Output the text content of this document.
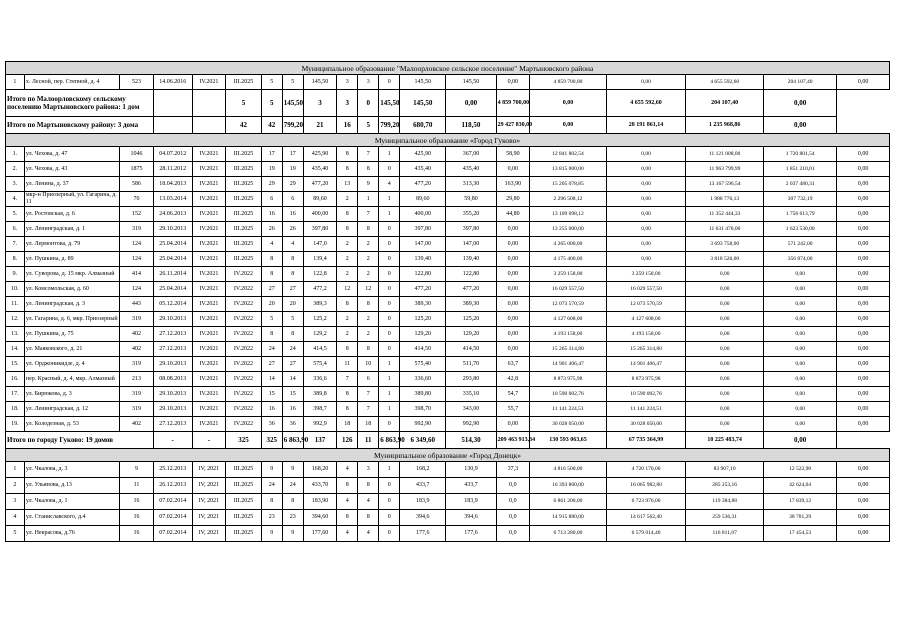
Муниципальное образование "Малоорловское сельское поселение" Мартыновского района​																			
1	х. Лесной, пер. Степной, д. 4	523	14.06.2016	IV.2021	III.2025	5	5	145,50	3	3	0	145,50	145,50	0,00	4 859 700,00	0,00	4 655 592,60	204 107,40	0,00
Итого по Малоорловскому сельскому поселению Мартыновского района: 1 дом					5	5	145,50	3	3	0	145,50	145,50	0,00	4 859 700,00	0,00	4 655 592,60	204 107,40	0,00	
Итого по Мартыновскому району: 3 дома					42	42	799,20	21	16	5	799,20	680,70	118,50	29 427 830,00	0,00	28 191 861,14	1 235 968,86	0,00	
Муниципальное образование «Город Гуково»																			
1.	ул. Чехова, д. 47	1046	04.07.2012	IV.2021	III.2025	17	17	425,90	8	7	1	425,90	367,00	58,90	12 841 802,54	0,00	11 121 008,00	1 720 801,54	0,00
2.	ул. Чехова, д. 43	1875	28.11.2012	IV.2021	III.2025	19	19	435,40	8	8	0	435,40	435,40	0,00	13 815 000,00	0,00	11 963 799,99	1 851 210,01	0,00
3.	ул. Ленина, д. 37	586	18.04.2013	IV.2021	III.2025	29	29	477,20	13	9	4	477,20	313,30	163,90	15 205 078,85	0,00	13 167 596,54	2 037 480,31	0,00
4.	мкр-н Приозерный, ул. Гагарина, д. 11	70	13.03.2014	IV.2021	III.2025	6	6	89,60	2	1	1	89,60	59,80	29,80	2 296 508,12	0,00	1 988 776,13	307 732,19	0,00
5.	ул. Ростовская, д. 6	152	24.06.2013	IV.2021	III.2025	16	16	400,00	8	7	1	400,00	355,20	44,80	13 109 098,12	0,00	11 352 444,33	1 756 613,79	0,00
6.	ул. Ленинградская, д. 1	319	29.10.2013	IV.2021	III.2025	26	26	397,80	8	8	0	397,80	397,80	0,00	13 255 000,00	0,00	11 631 470,00	1 623 530,00	0,00
7.	ул. Лермонтова, д. 79	124	25.04.2014	IV.2021	III.2025	4	4	147,0	2	2	0	147,00	147,00	0,00	4 265 000,00	0,00	3 693 758,00	571 242,00	0,00
8.	ул. Пушкина, д. 89	124	25.04.2014	IV.2021	III.2025	8	8	139,4	2	2	0	139,40	139,40	0,00	4 175 400,00	0,00	3 818 526,00	356 874,00	0,00
9.	ул. Суворова, д. 15 мкр. Алмазный	414	26.11.2014	IV.2021	IV.2022	8	8	122,8	2	2	0	122,80	122,80	0,00	3 259 158,00	3 259 158,00	0,00	0,00	0,00
10.	ул. Комсомольская, д. 60	124	25.04.2014	IV.2021	IV.2022	27	27	477,2	12	12	0	477,20	477,20	0,00	16 029 557,50	16 029 557,50	0,00	0,00	0,00
11.	ул. Ленинградская, д. 3	443	05.12.2014	IV.2021	IV.2022	20	20	389,3	8	8	0	389,30	389,30	0,00	12 073 570,59	12 073 570,59	0,00	0,00	0,00
12.	ул. Гагарина, д. 6, мкр. Приозерный	319	29.10.2013	IV.2021	IV.2022	5	5	125,2	2	2	0	125,20	125,20	0,00	4 127 608,00	4 127 608,00	0,00	0,00	0,00
13.	ул. Пушкина, д. 75	402	27.12.2013	IV.2021	IV.2022	8	8	129,2	2	2	0	129,20	129,20	0,00	4 193 158,00	4 193 158,00	0,00	0,00	0,00
14.	ул. Маяковского, д. 21	402	27.12.2013	IV.2021	IV.2022	24	24	414,5	8	8	0	414,50	414,50	0,00	15 265 314,80	15 265 314,80	0,00	0,00	0,00
15.	ул. Орджоникидзе, д. 4	319	29.10.2013	IV.2021	IV.2022	27	27	575,4	11	10	1	575,40	511,70	63,7	14 901 406,47	14 901 406,47	0,00	0,00	0,00
16.	пер. Красный, д. 4, мкр. Алмазный	213	08.08.2013	IV.2021	IV.2022	14	14	336,6	7	6	1	336,60	293,80	42,8	8 873 975,98	8 873 975,98	0,00	0,00	0,00
17.	ул. Бирюкова, д. 3	319	29.10.2013	IV.2021	IV.2022	15	15	389,8	8	7	1	389,80	335,10	54,7	10 590 002,76	10 590 002,76	0,00	0,00	0,00
18.	ул. Ленинградская, д. 12	319	29.10.2013	IV.2021	IV.2022	16	16	398,7	8	7	1	398,70	343,00	55,7	11 141 224,51	11 141 224,51	0,00	0,00	0,00
19.	ул. Колодезная, д. 53	402	27.12.2013	IV.2021	IV.2022	36	36	992,9	18	18	0	992,90	992,90	0,00	30 028 050,00	30 028 050,00	0,00	0,00	0,00
Итого по городу Гуково: 19 домов			-	-	325	325	6 863,90	137	126	11	6 863,90	6 349,60	514,30	209 463 913,34	130 593 063,65	67 735 364,99	10 225 483,74	0,00	
Муниципальное образование «Город Донецк»																			
1	ул. Чкалова, д. 3	9	25.12.2013	IV, 2021	III.2025	9	9	168,20	4	3	1	168,2	130,9	37,3	4 816 500,00	4 720 170,00	83 907,10	12 522,90	0,00
2	ул. Ульянова, д.13	11	26.12.2013	IV, 2021	III.2025	24	24	433,70	8	8	0	433,7	433,7	0,0	16 393 860,00	16 065 982,80	285 253,16	42 624,04	0,00
3	ул. Чкалова, д. 1	16	07.02.2014	IV, 2021	III.2025	8	8	183,90	4	4	0	183,9	183,9	0,0	6 861 200,00	6 723 976,00	119 384,88	17 839,12	0,00
4	ул. Станиславского, д.4	16	07.02.2014	IV, 2021	III.2025	23	23	394,60	8	8	0	394,6	394,6	0,0	14 915 880,00	14 617 562,40	259 536,31	38 781,29	0,00
5	ул. Некрасова, д.76	16	07.02.2014	IV, 2021	III.2025	9	9	177,60	4	4	0	177,6	177,6	0,0	6 713 280,00	6 579 014,40	116 811,07	17 454,53	0,00
